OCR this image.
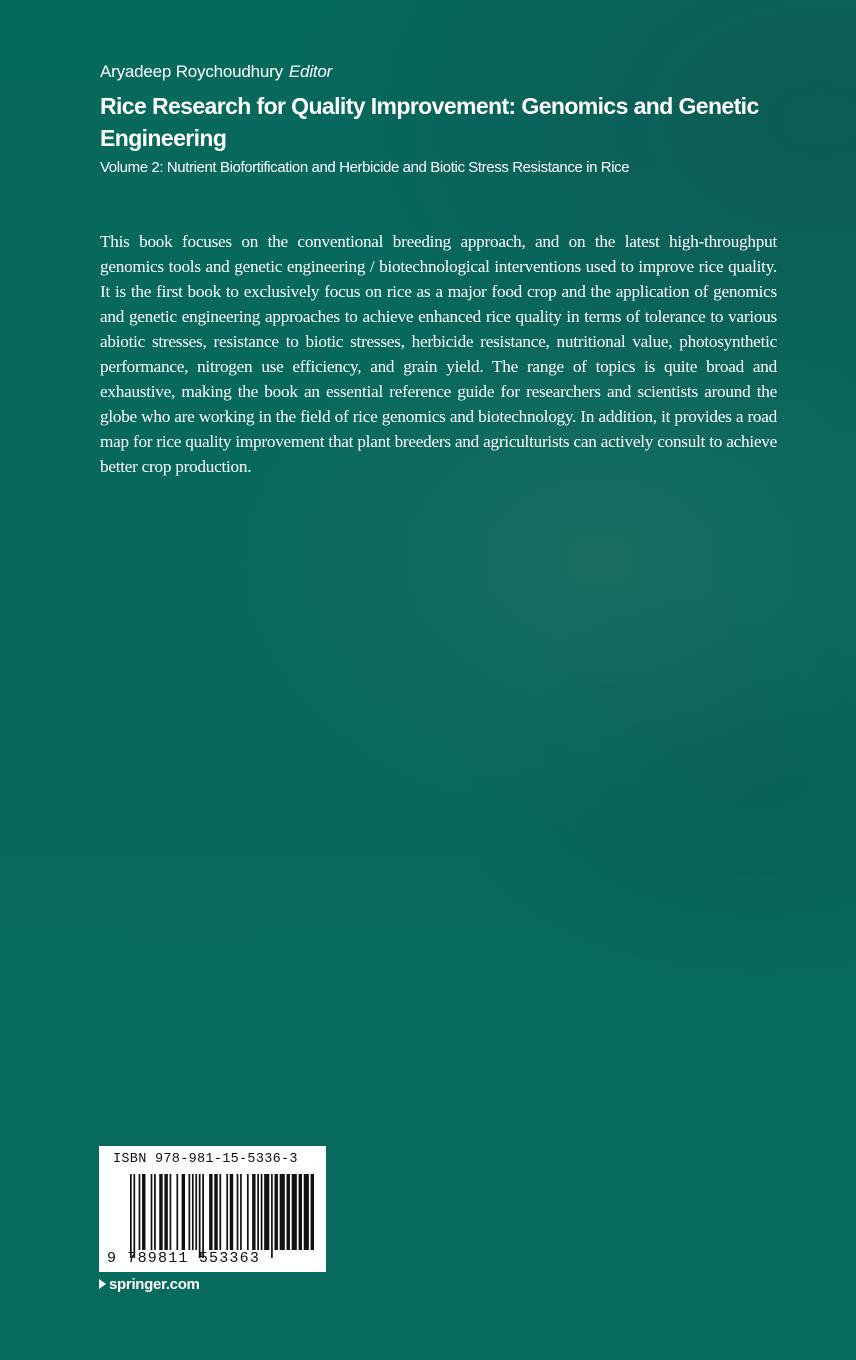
Aryadeep Roychoudhury Editor
Rice Research for Quality Improvement: Genomics and Genetic Engineering
Volume 2: Nutrient Biofortification and Herbicide and Biotic Stress Resistance in Rice

This book focuses on the conventional breeding approach, and on the latest high-throughput genomics tools and genetic engineering / biotechnological interventions used to improve rice quality. It is the first book to exclusively focus on rice as a major food crop and the application of genomics and genetic engineering approaches to achieve enhanced rice quality in terms of tolerance to various abiotic stresses, resistance to biotic stresses, herbicide resistance, nutritional value, photosynthetic performance, nitrogen use efficiency, and grain yield. The range of topics is quite broad and exhaustive, making the book an essential reference guide for researchers and scientists around the globe who are working in the field of rice genomics and biotechnology. In addition, it provides a road map for rice quality improvement that plant breeders and agriculturists can actively consult to achieve better crop production.

ISBN 978-981-15-5336-3
9 789811 553363
springer.com
